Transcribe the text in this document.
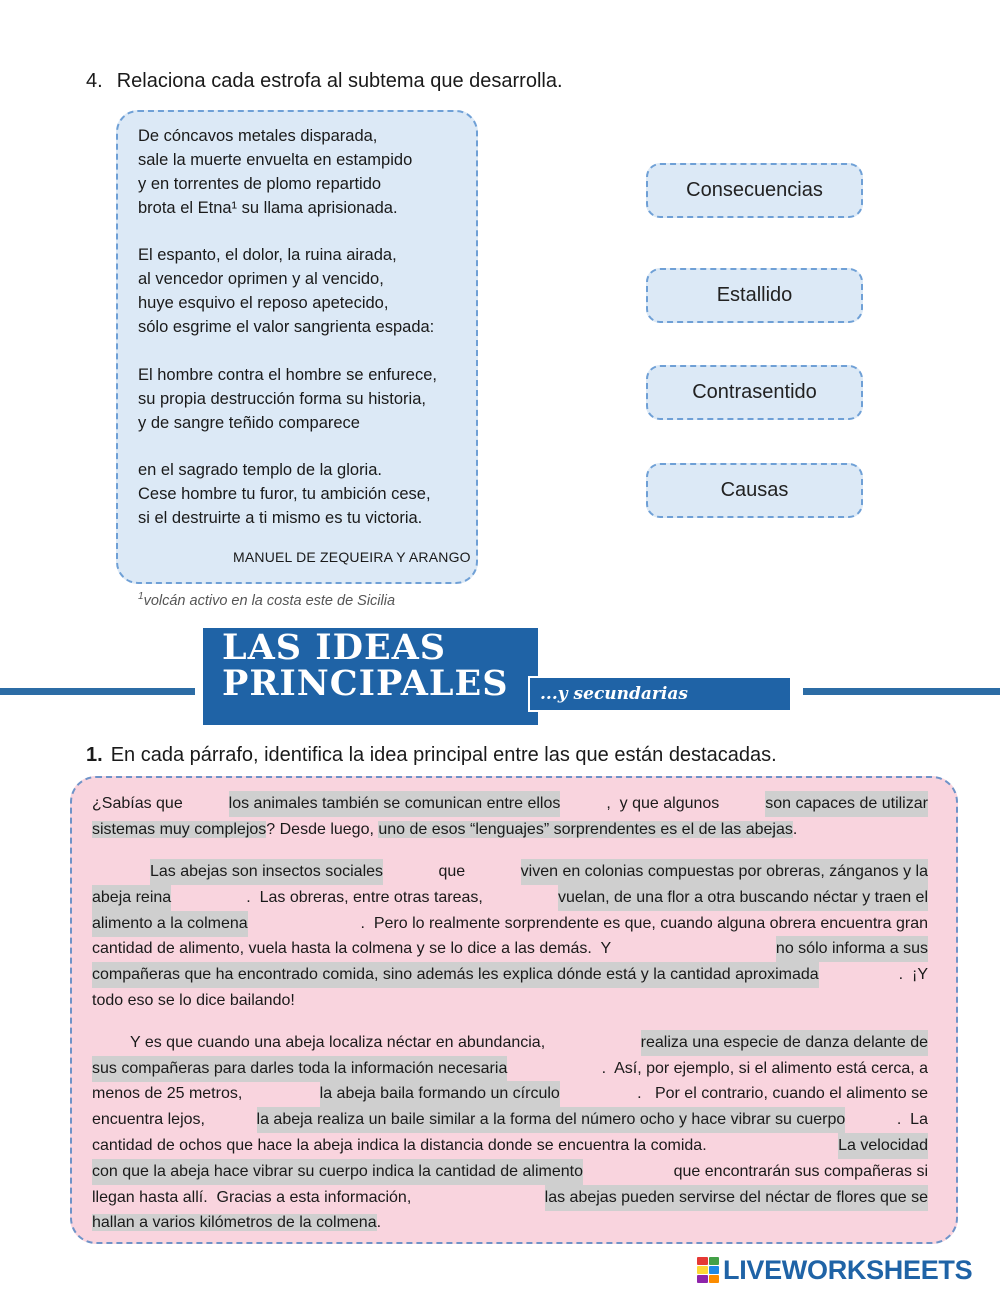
4. Relaciona cada estrofa al subtema que desarrolla.
De cóncavos metales disparada,
sale la muerte envuelta en estampido
y en torrentes de plomo repartido
brota el Etna¹ su llama aprisionada.
El espanto, el dolor, la ruina airada,
al vencedor oprimen y al vencido,
huye esquivo el reposo apetecido,
sólo esgrime el valor sangrienta espada:
El hombre contra el hombre se enfurece,
su propia destrucción forma su historia,
y de sangre teñido comparece
en el sagrado templo de la gloria.
Cese hombre tu furor, tu ambición cese,
si el destruirte a ti mismo es tu victoria.
MANUEL DE ZEQUEIRA Y ARANGO
$^1$volcán activo en la costa este de Sicilia
Consecuencias
Estallido
Contrasentido
Causas
LAS IDEAS
PRINCIPALES	...y secundarias
1. En cada párrafo, identifica la idea principal entre las que están destacadas.
¿Sabías que	los animales también se comunican entre ellos	,  y que algunos	son capaces de utilizar
sistemas muy complejos? Desde luego, uno de esos “lenguajes” sorprendentes es el de las abejas.
Las abejas son insectos sociales	que	viven en colonias compuestas por obreras, zánganos y la
abeja reina	.  Las obreras, entre otras tareas,	vuelan, de una flor a otra buscando néctar y traen el
alimento a la colmena	.  Pero lo realmente sorprendente es que, cuando alguna obrera encuentra gran
cantidad de alimento, vuela hasta la colmena y se lo dice a las demás.  Y	no sólo informa a sus
compañeras que ha encontrado comida, sino además les explica dónde está y la cantidad aproximada	.  ¡Y
todo eso se lo dice bailando!
Y es que cuando una abeja localiza néctar en abundancia,	realiza una especie de danza delante de
sus compañeras para darles toda la información necesaria	.  Así, por ejemplo, si el alimento está cerca, a
menos de 25 metros,	la abeja baila formando un círculo	.   Por el contrario, cuando el alimento se
encuentra lejos,	la abeja realiza un baile similar a la forma del número ocho y hace vibrar su cuerpo	.  La
cantidad de ochos que hace la abeja indica la distancia donde se encuentra la comida.	La velocidad
con que la abeja hace vibrar su cuerpo indica la cantidad de alimento	que encontrarán sus compañeras si
llegan hasta allí.  Gracias a esta información,	las abejas pueden servirse del néctar de flores que se
hallan a varios kilómetros de la colmena.
LIVEWORKSHEETS
